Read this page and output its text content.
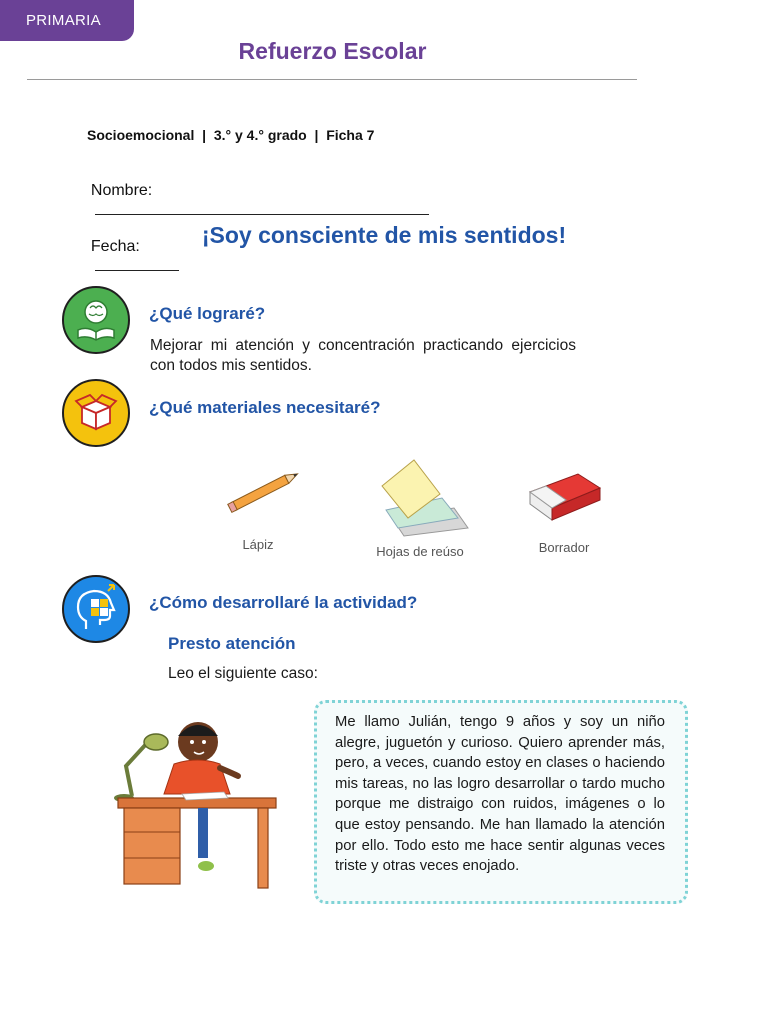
PRIMARIA
Refuerzo Escolar
Socioemocional  |  3.° y 4.° grado  |  Ficha 7

Nombre:

Fecha:
	¡Soy consciente de mis sentidos!
¿Qué lograré?
Mejorar mi atención y concentración practicando ejercicios con todos mis sentidos.
¿Qué materiales necesitaré?
Lápiz	Hojas de reúso	Borrador
¿Cómo desarrollaré la actividad?
Presto atención
Leo el siguiente caso:
Me llamo Julián, tengo 9 años y soy un niño alegre, juguetón y curioso. Quiero aprender más, pero, a veces, cuando estoy en clases o haciendo mis tareas, no las logro desarrollar o tardo mucho porque me distraigo con ruidos, imágenes o lo que estoy pensando. Me han llamado la atención por ello. Todo esto me hace sentir algunas veces triste y otras veces enojado.
